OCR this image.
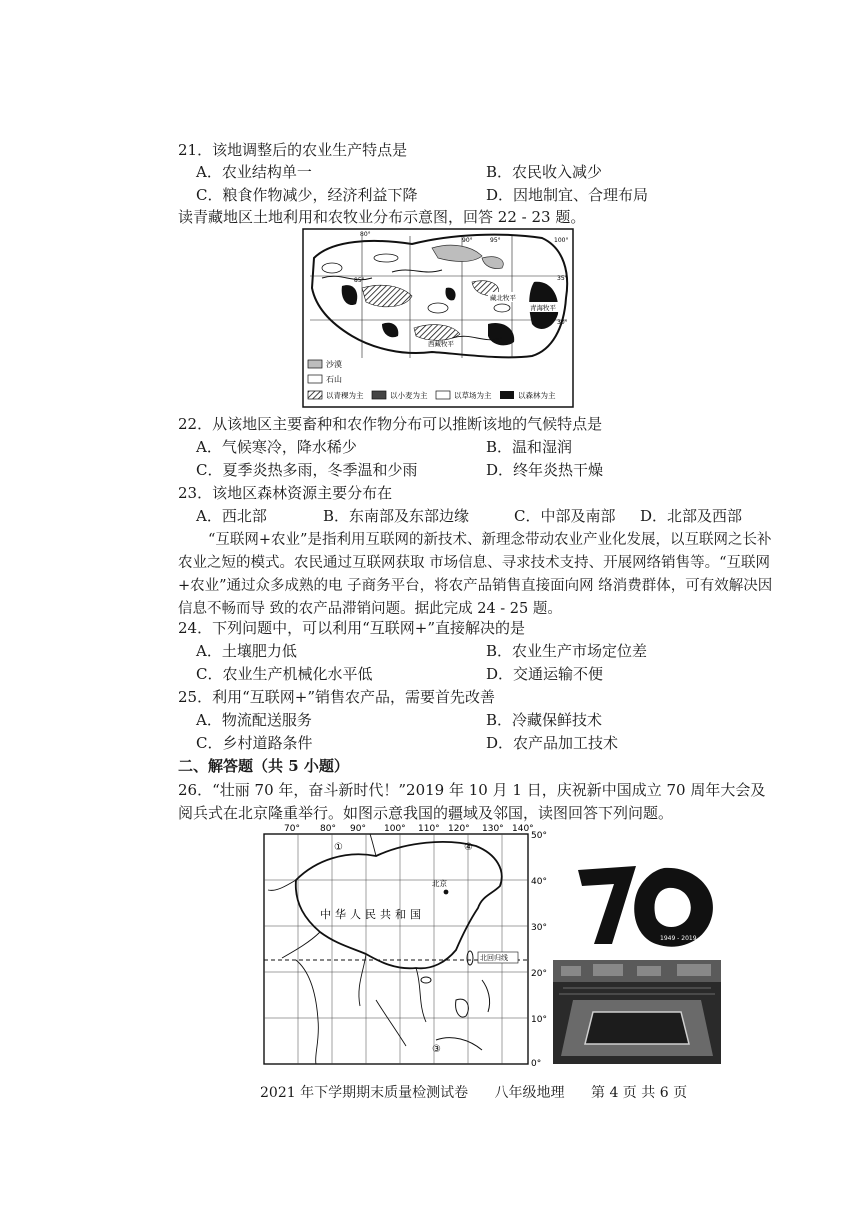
21．该地调整后的农业生产特点是
A．农业结构单一	B．农民收入减少
C．粮食作物减少，经济利益下降	D．因地制宜、合理布局
读青藏地区土地利用和农牧业分布示意图，回答 22 - 23 题。
80°
85°
90°	95°	100°
35°
30°
藏北牧平
青海牧平
西藏牧平
沙漠
石山
以青稞为主	以小麦为主	以草场为主	以森林为主
22．从该地区主要畜种和农作物分布可以推断该地的气候特点是
A．气候寒冷，降水稀少	B．温和湿润
C．夏季炎热多雨，冬季温和少雨	D．终年炎热干燥
23．该地区森林资源主要分布在
A．西北部	B．东南部及东部边缘	C．中部及南部 D．北部及西部
“互联网+农业”是指利用互联网的新技术、新理念带动农业产业化发展，以互联网之长补农业之短的模式。农民通过互联网获取 市场信息、寻求技术支持、开展网络销售等。“互联网+农业”通过众多成熟的电 子商务平台，将农产品销售直接面向网 络消费群体，可有效解决因信息不畅而导 致的农产品滞销问题。据此完成 24 - 25 题。
24．下列问题中，可以利用“互联网+”直接解决的是
A．土壤肥力低	B．农业生产市场定位差
C．农业生产机械化水平低	D．交通运输不便
25．利用“互联网+”销售农产品，需要首先改善
A．物流配送服务	B．冷藏保鲜技术
C．乡村道路条件	D．农产品加工技术
二、解答题（共 5 小题）
26．“壮丽 70 年，奋斗新时代！”2019 年 10 月 1 日，庆祝新中国成立 70 周年大会及阅兵式在北京隆重举行。如图示意我国的疆域及邻国，读图回答下列问题。
北京
中华人民共和国
北回归线
①	④
③
70° 80° 90° 100° 110° 120° 130° 140°
50°
40°
30°
20°
10°
0°
1949 - 2019
2021 年下学期期末质量检测试卷 八年级地理 第 4 页 共 6 页
